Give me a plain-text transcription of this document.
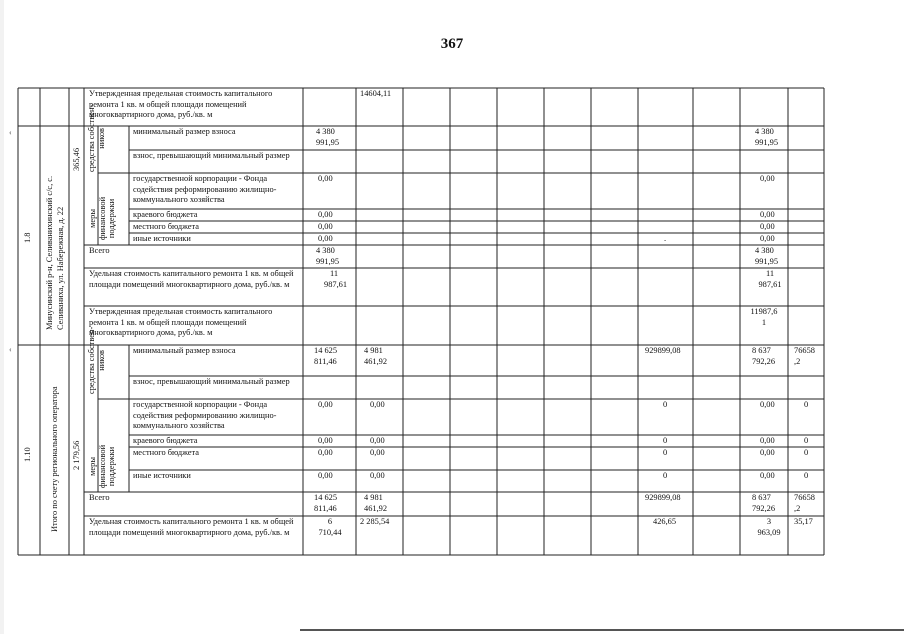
367
‹
‹
Утвержденная предельная стоимость капитального ремонта 1 кв. м общей площади помещений многоквартирного дома, руб./кв. м
14604,11
1.8
Минусинский р-н, Селиванихинский с/с, с.
Селиваниха, ул. Набережная, д. 22
365,46 средства собствен-
ников
меры
финансовой
поддержки
минимальный размер взноса
взнос, превышающий минимальный размер
государственной корпорации - Фонда содействия реформированию жилищно-коммунального хозяйства
краевого бюджета
местного бюджета
иные источники
Всего
Удельная стоимость капитального ремонта 1 кв. м общей площади помещений многоквартирного дома, руб./кв. м
Утвержденная предельная стоимость капитального ремонта 1 кв. м общей площади помещений многоквартирного дома, руб./кв. м
4 380
991,95
0,00
0,00
0,00
0,00
4 380
991,95
11
987,61
.
4 380
991,95
0,00
0,00
0,00
0,00
4 380
991,95
11
987,61
11987,6
1
1.10 Итого по счету регионального оператора 2 179,56
средства собствен-
ников
меры
финансовой
поддержки
минимальный размер взноса
взнос, превышающий минимальный размер
государственной корпорации - Фонда содействия реформированию жилищно-коммунального хозяйства
краевого бюджета
местного бюджета
иные источники
Всего
Удельная стоимость капитального ремонта 1 кв. м общей площади помещений многоквартирного дома, руб./кв. м
14 625
811,46
0,00
0,00
0,00
0,00
14 625
811,46
6
710,44
4 981
461,92
0,00
0,00
0,00
0,00
4 981
461,92
2 285,54
929899,08
0
0
0
0
929899,08
426,65
8 637
792,26
0,00
0,00
0,00
0,00
8 637
792,26
3
963,09
76658
,2
0
0
0
0
76658
,2
35,17
